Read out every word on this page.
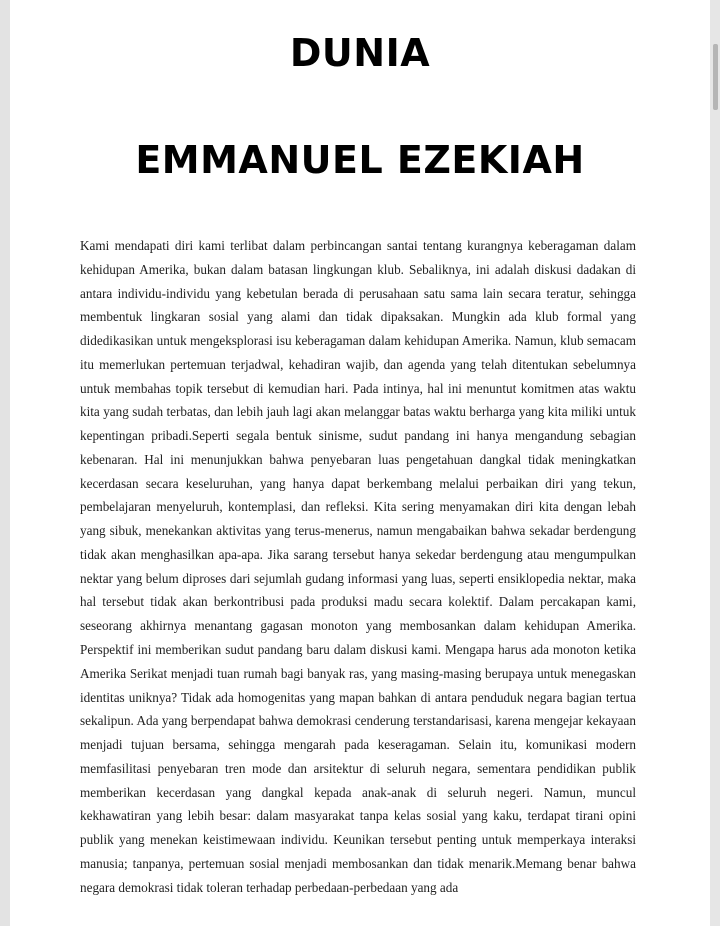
DUNIA
EMMANUEL EZEKIAH

Kami mendapati diri kami terlibat dalam perbincangan santai tentang kurangnya keberagaman dalam kehidupan Amerika, bukan dalam batasan lingkungan klub. Sebaliknya, ini adalah diskusi dadakan di antara individu-individu yang kebetulan berada di perusahaan satu sama lain secara teratur, sehingga membentuk lingkaran sosial yang alami dan tidak dipaksakan. Mungkin ada klub formal yang didedikasikan untuk mengeksplorasi isu keberagaman dalam kehidupan Amerika. Namun, klub semacam itu memerlukan pertemuan terjadwal, kehadiran wajib, dan agenda yang telah ditentukan sebelumnya untuk membahas topik tersebut di kemudian hari. Pada intinya, hal ini menuntut komitmen atas waktu kita yang sudah terbatas, dan lebih jauh lagi akan melanggar batas waktu berharga yang kita miliki untuk kepentingan pribadi.Seperti segala bentuk sinisme, sudut pandang ini hanya mengandung sebagian kebenaran. Hal ini menunjukkan bahwa penyebaran luas pengetahuan dangkal tidak meningkatkan kecerdasan secara keseluruhan, yang hanya dapat berkembang melalui perbaikan diri yang tekun, pembelajaran menyeluruh, kontemplasi, dan refleksi. Kita sering menyamakan diri kita dengan lebah yang sibuk, menekankan aktivitas yang terus-menerus, namun mengabaikan bahwa sekadar berdengung tidak akan menghasilkan apa-apa. Jika sarang tersebut hanya sekedar berdengung atau mengumpulkan nektar yang belum diproses dari sejumlah gudang informasi yang luas, seperti ensiklopedia nektar, maka hal tersebut tidak akan berkontribusi pada produksi madu secara kolektif. Dalam percakapan kami, seseorang akhirnya menantang gagasan monoton yang membosankan dalam kehidupan Amerika. Perspektif ini memberikan sudut pandang baru dalam diskusi kami. Mengapa harus ada monoton ketika Amerika Serikat menjadi tuan rumah bagi banyak ras, yang masing-masing berupaya untuk menegaskan identitas uniknya? Tidak ada homogenitas yang mapan bahkan di antara penduduk negara bagian tertua sekalipun. Ada yang berpendapat bahwa demokrasi cenderung terstandarisasi, karena mengejar kekayaan menjadi tujuan bersama, sehingga mengarah pada keseragaman. Selain itu, komunikasi modern memfasilitasi penyebaran tren mode dan arsitektur di seluruh negara, sementara pendidikan publik memberikan kecerdasan yang dangkal kepada anak-anak di seluruh negeri. Namun, muncul kekhawatiran yang lebih besar: dalam masyarakat tanpa kelas sosial yang kaku, terdapat tirani opini publik yang menekan keistimewaan individu. Keunikan tersebut penting untuk memperkaya interaksi manusia; tanpanya, pertemuan sosial menjadi membosankan dan tidak menarik.Memang benar bahwa negara demokrasi tidak toleran terhadap perbedaan-perbedaan yang ada
